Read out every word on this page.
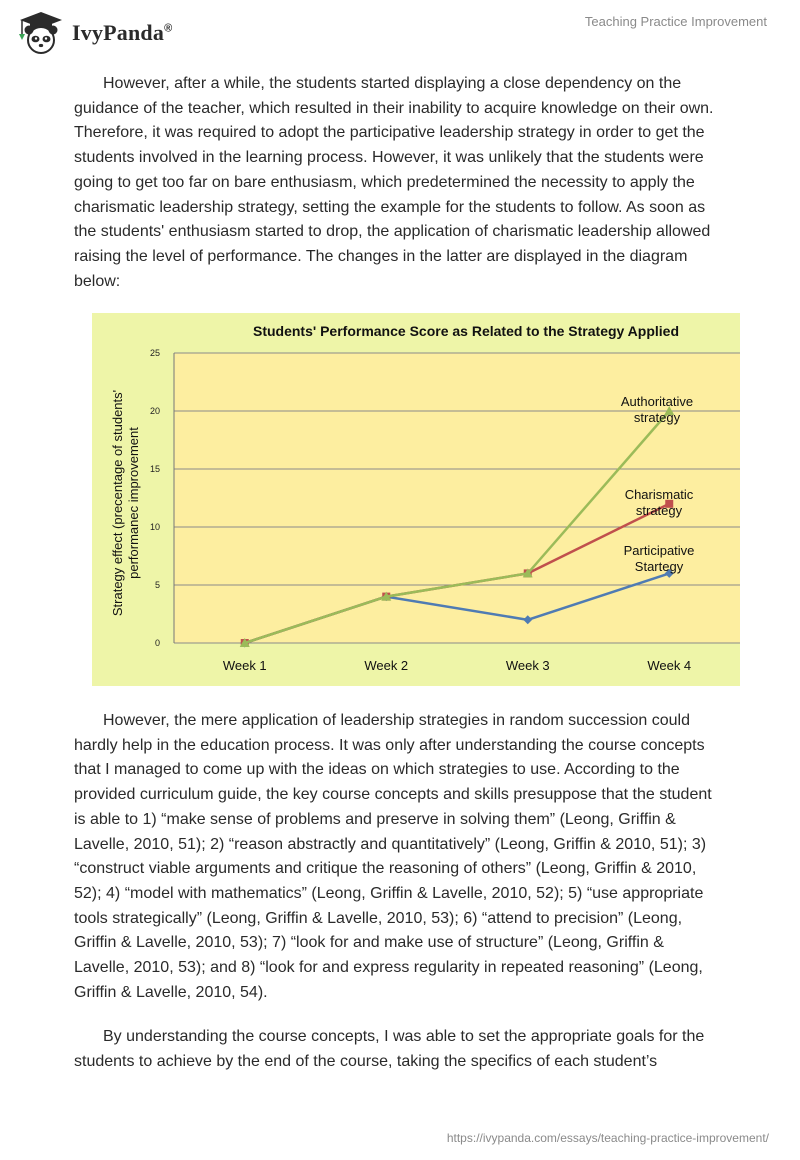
IvyPanda®	Teaching Practice Improvement

However, after a while, the students started displaying a close dependency on the guidance of the teacher, which resulted in their inability to acquire knowledge on their own. Therefore, it was required to adopt the participative leadership strategy in order to get the students involved in the learning process. However, it was unlikely that the students were going to get too far on bare enthusiasm, which predetermined the necessity to apply the charismatic leadership strategy, setting the example for the students to follow. As soon as the students' enthusiasm started to drop, the application of charismatic leadership allowed raising the level of performance. The changes in the latter are displayed in the diagram below:

0
5
10
15
20
25
Week 1	Week 2	Week 3	Week 4
Students' Performance Score as Related to the Strategy Applied
Strategy effect (precentage of students' performanec improvement	Participative
Startegy
Charismatic
strategy
Authoritative
strategy

However, the mere application of leadership strategies in random succession could hardly help in the education process. It was only after understanding the course concepts that I managed to come up with the ideas on which strategies to use. According to the provided curriculum guide, the key course concepts and skills presuppose that the student is able to 1) “make sense of problems and preserve in solving them” (Leong, Griffin & Lavelle, 2010, 51); 2) “reason abstractly and quantitatively” (Leong, Griffin & 2010, 51); 3) “construct viable arguments and critique the reasoning of others” (Leong, Griffin & 2010, 52); 4) “model with mathematics” (Leong, Griffin & Lavelle, 2010, 52); 5) “use appropriate tools strategically” (Leong, Griffin & Lavelle, 2010, 53); 6) “attend to precision” (Leong, Griffin & Lavelle, 2010, 53); 7) “look for and make use of structure” (Leong, Griffin & Lavelle, 2010, 53); and 8) “look for and express regularity in repeated reasoning” (Leong, Griffin & Lavelle, 2010, 54).

By understanding the course concepts, I was able to set the appropriate goals for the students to achieve by the end of the course, taking the specifics of each student’s

https://ivypanda.com/essays/teaching-practice-improvement/
